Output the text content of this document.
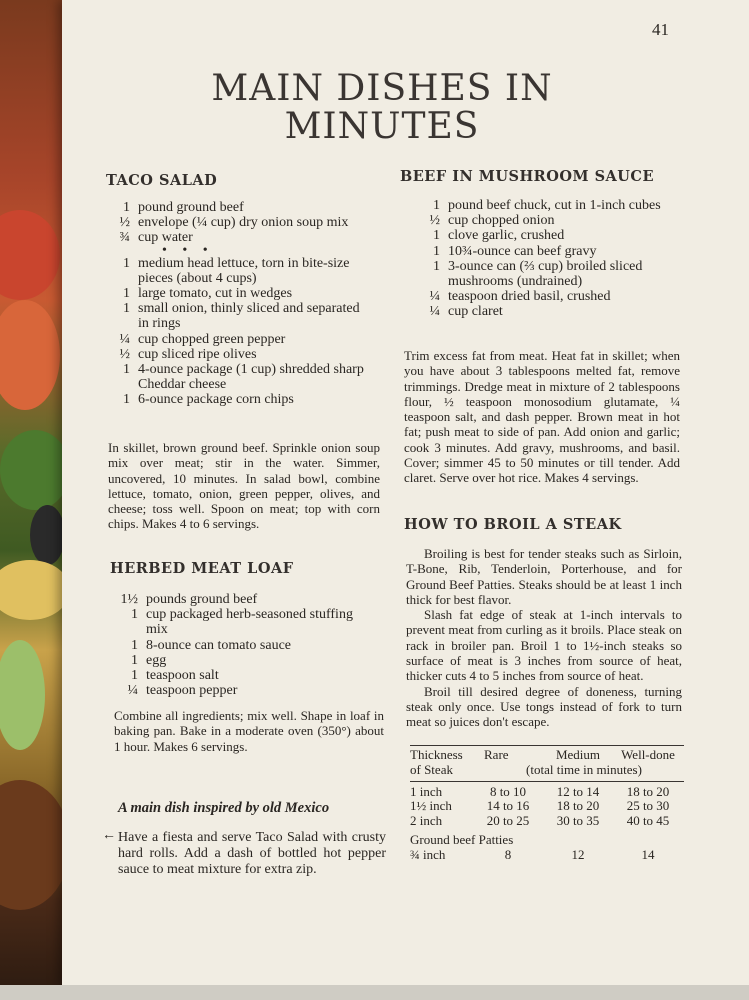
41
MAIN DISHES IN
MINUTES
TACO SALAD
1 pound ground beef
½ envelope (¼ cup) dry onion soup mix
¾ cup water
• • •
1 medium head lettuce, torn in bite-size pieces (about 4 cups)
1 large tomato, cut in wedges
1 small onion, thinly sliced and separated in rings
¼ cup chopped green pepper
½ cup sliced ripe olives
1 4-ounce package (1 cup) shredded sharp Cheddar cheese
1 6-ounce package corn chips
In skillet, brown ground beef. Sprinkle onion soup mix over meat; stir in the water. Simmer, uncovered, 10 minutes. In salad bowl, combine lettuce, tomato, onion, green pepper, olives, and cheese; toss well. Spoon on meat; top with corn chips. Makes 4 to 6 servings.
HERBED MEAT LOAF
1½ pounds ground beef
1 cup packaged herb-seasoned stuffing mix
1 8-ounce can tomato sauce
1 egg
1 teaspoon salt
¼ teaspoon pepper
Combine all ingredients; mix well. Shape in loaf in baking pan. Bake in a moderate oven (350°) about 1 hour. Makes 6 servings.
A main dish inspired by old Mexico
← Have a fiesta and serve Taco Salad with crusty hard rolls. Add a dash of bottled hot pepper sauce to meat mixture for extra zip.
BEEF IN MUSHROOM SAUCE
1 pound beef chuck, cut in 1-inch cubes
½ cup chopped onion
1 clove garlic, crushed
1 10¾-ounce can beef gravy
1 3-ounce can (⅔ cup) broiled sliced mushrooms (undrained)
¼ teaspoon dried basil, crushed
¼ cup claret
Trim excess fat from meat. Heat fat in skillet; when you have about 3 tablespoons melted fat, remove trimmings. Dredge meat in mixture of 2 tablespoons flour, ½ teaspoon monosodium glutamate, ¼ teaspoon salt, and dash pepper. Brown meat in hot fat; push meat to side of pan. Add onion and garlic; cook 3 minutes. Add gravy, mushrooms, and basil. Cover; simmer 45 to 50 minutes or till tender. Add claret. Serve over hot rice. Makes 4 servings.
HOW TO BROIL A STEAK

Broiling is best for tender steaks such as Sirloin, T-Bone, Rib, Tenderloin, Porterhouse, and for Ground Beef Patties. Steaks should be at least 1 inch thick for best flavor.

Slash fat edge of steak at 1-inch intervals to prevent meat from curling as it broils. Place steak on rack in broiler pan. Broil 1 to 1½-inch steaks so surface of meat is 3 inches from source of heat, thicker cuts 4 to 5 inches from source of heat.

Broil till desired degree of doneness, turning steak only once. Use tongs instead of fork to turn meat so juices don't escape.

Thickness	Rare	Medium	Well-done
of Steak	(total time in minutes)		
1 inch	8 to 10	12 to 14	18 to 20
1½ inch	14 to 16	18 to 20	25 to 30
2 inch	20 to 25	30 to 35	40 to 45
Ground beef Patties			
¾ inch	8	12	14
